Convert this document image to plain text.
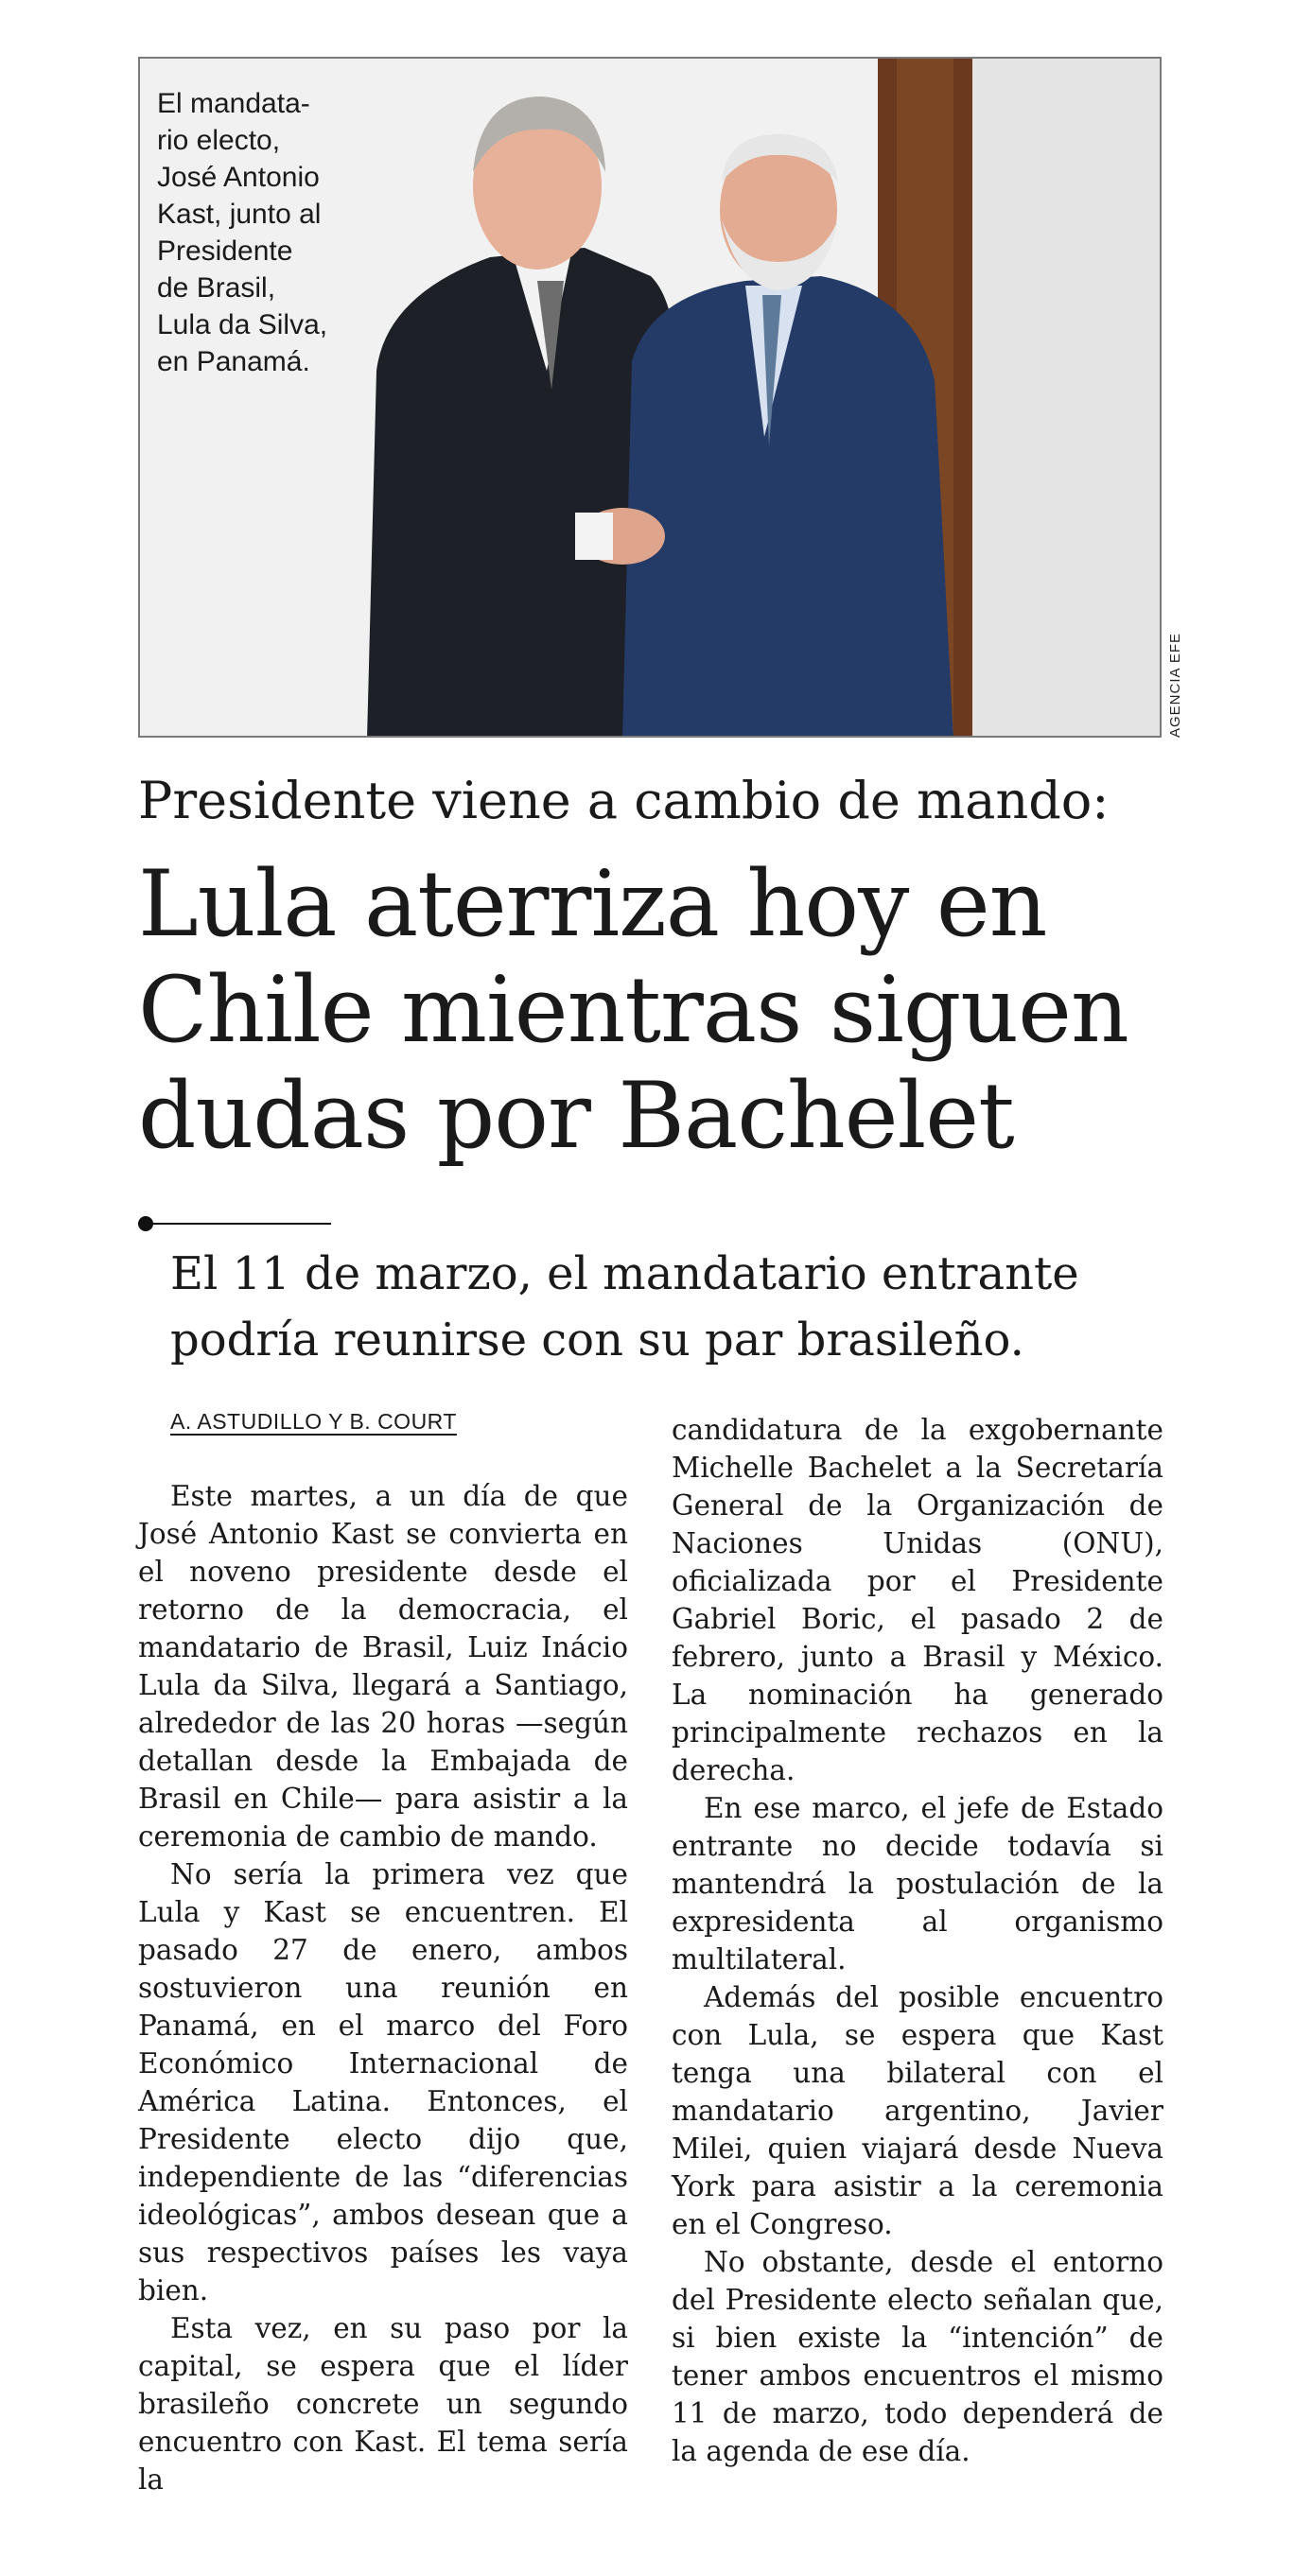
El mandata-
rio electo,
José Antonio
Kast, junto al
Presidente
de Brasil,
Lula da Silva,
en Panamá.
AGENCIA EFE
Presidente viene a cambio de mando:
Lula aterriza hoy en Chile mientras siguen dudas por Bachelet
El 11 de marzo, el mandatario entrante podría reunirse con su par brasileño.
A. ASTUDILLO Y B. COURT

Este martes, a un día de que José Antonio Kast se convierta en el noveno presidente desde el retorno de la democracia, el mandatario de Brasil, Luiz Inácio Lula da Silva, llegará a Santiago, alrededor de las 20 horas —según detallan desde la Embajada de Brasil en Chile— para asistir a la ceremonia de cambio de mando.

No sería la primera vez que Lula y Kast se encuentren. El pasado 27 de enero, ambos sostuvieron una reunión en Panamá, en el marco del Foro Económico Internacional de América Latina. Entonces, el Presidente electo dijo que, independiente de las “diferencias ideológicas”, ambos desean que a sus respectivos países les vaya bien.

Esta vez, en su paso por la capital, se espera que el líder brasileño concrete un segundo encuentro con Kast. El tema sería la

candidatura de la exgobernante Michelle Bachelet a la Secretaría General de la Organización de Naciones Unidas (ONU), oficializada por el Presidente Gabriel Boric, el pasado 2 de febrero, junto a Brasil y México. La nominación ha generado principalmente rechazos en la derecha.

En ese marco, el jefe de Estado entrante no decide todavía si mantendrá la postulación de la expresidenta al organismo multilateral.

Además del posible encuentro con Lula, se espera que Kast tenga una bilateral con el mandatario argentino, Javier Milei, quien viajará desde Nueva York para asistir a la ceremonia en el Congreso.

No obstante, desde el entorno del Presidente electo señalan que, si bien existe la “intención” de tener ambos encuentros el mismo 11 de marzo, todo dependerá de la agenda de ese día.
